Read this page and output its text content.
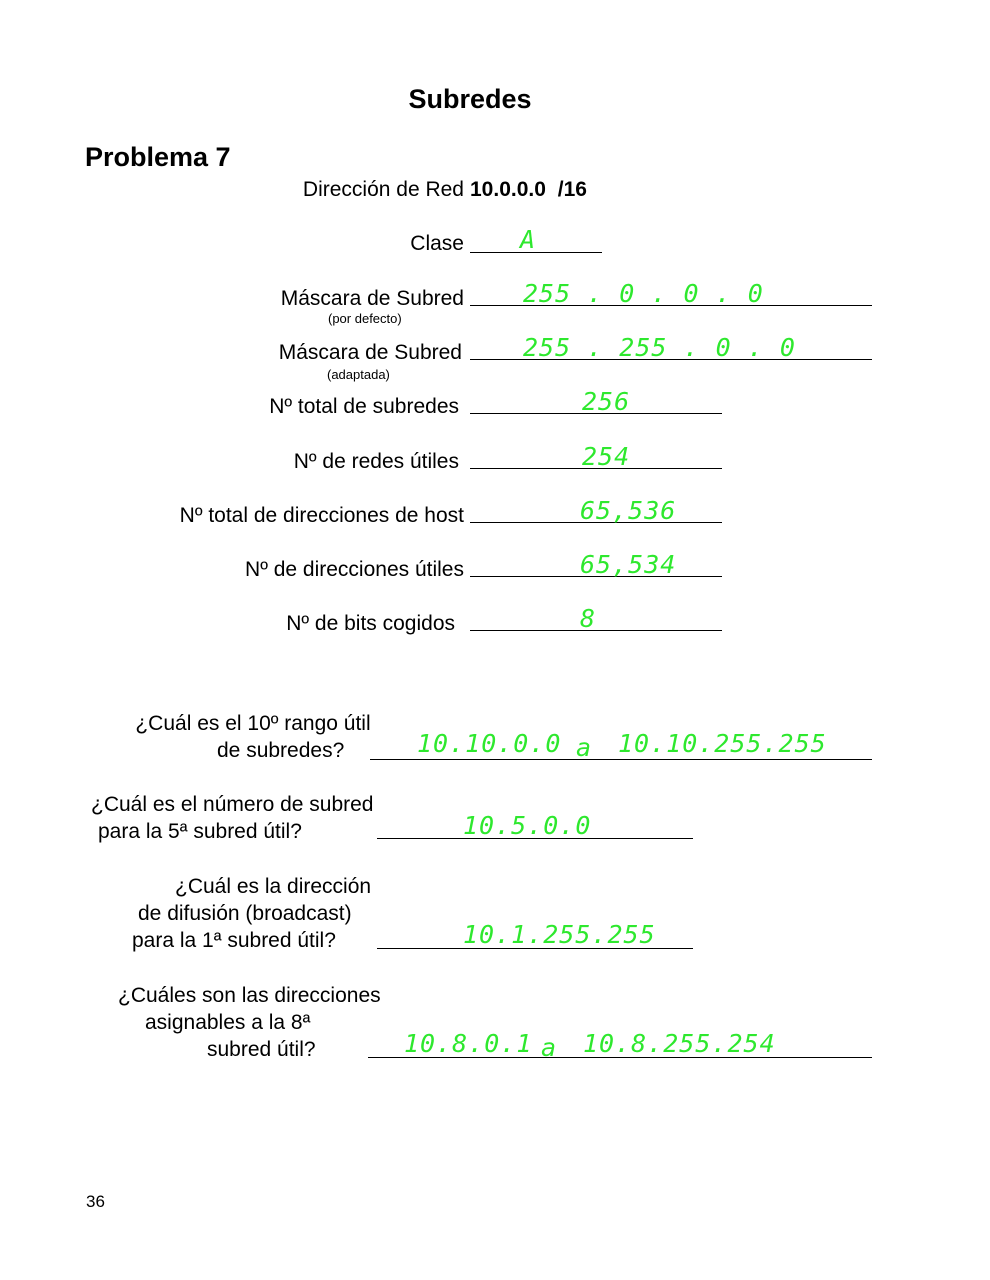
Subredes
Problema 7
Dirección de Red 10.0.0.0 /16
Clase A
Máscara de Subred
(por defecto)
255 . 0 . 0 . 0
Máscara de Subred
(adaptada)
255 . 255 . 0 . 0
Nº total de subredes	256
Nº de redes útiles	254
Nº total de direcciones de host	65,536
Nº de direcciones útiles	65,534
Nº de bits cogidos	8
¿Cuál es el 10º rango útil
de subredes?	10.10.0.0 a 10.10.255.255
¿Cuál es el número de subred
para la 5ª subred útil?	10.5.0.0
¿Cuál es la dirección
de difusión (broadcast)
para la 1ª subred útil?	10.1.255.255
¿Cuáles son las direcciones
asignables a la 8ª
subred útil?	10.8.0.1 a 10.8.255.254
36
